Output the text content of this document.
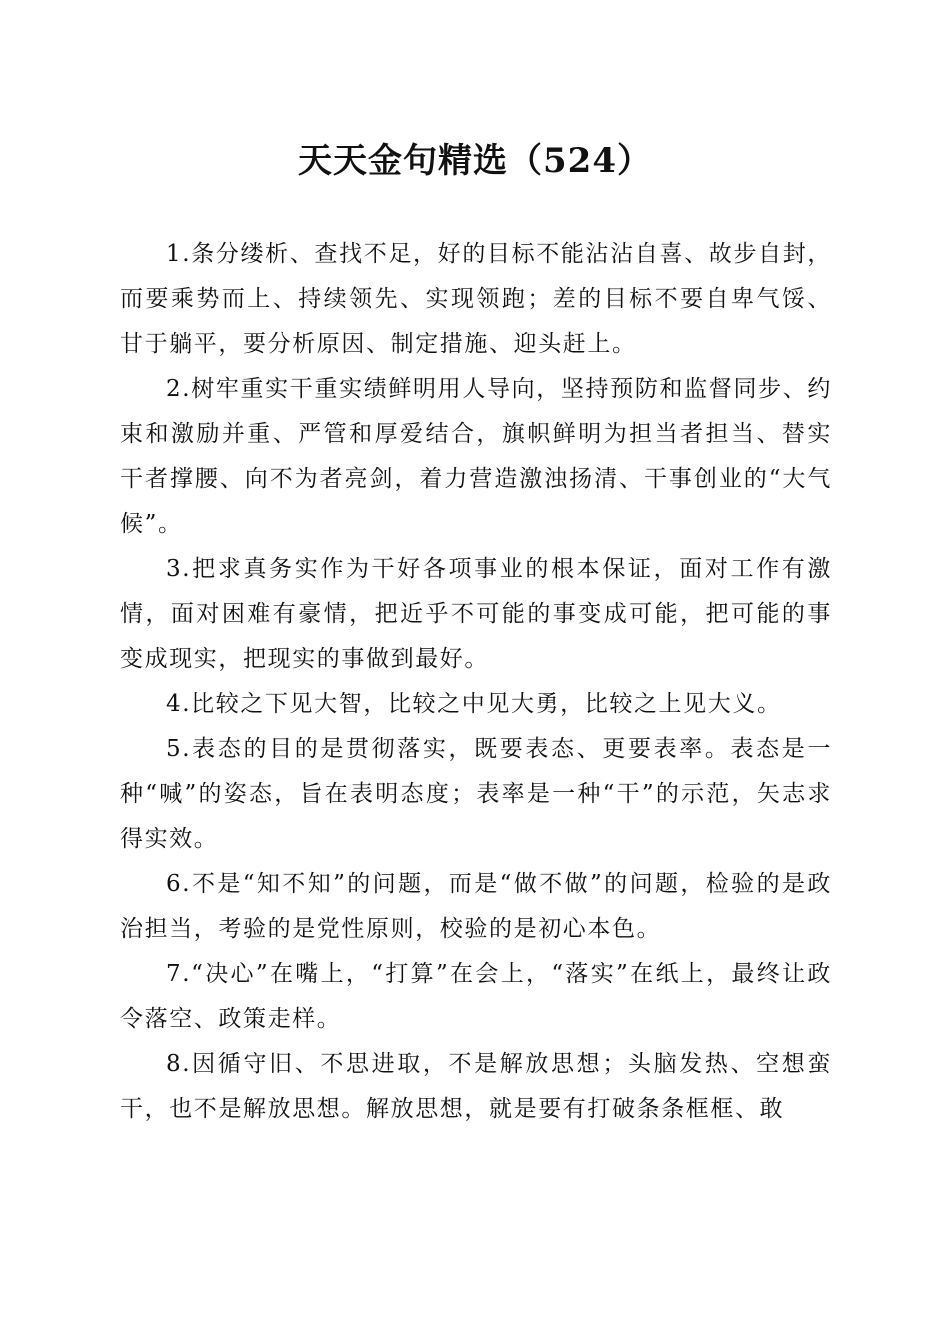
天天金句精选（524）

1.条分缕析、查找不足，好的目标不能沾沾自喜、故步自封，而要乘势而上、持续领先、实现领跑；差的目标不要自卑气馁、甘于躺平，要分析原因、制定措施、迎头赶上。

2.树牢重实干重实绩鲜明用人导向，坚持预防和监督同步、约束和激励并重、严管和厚爱结合，旗帜鲜明为担当者担当、替实干者撑腰、向不为者亮剑，着力营造激浊扬清、干事创业的“大气候”。

3.把求真务实作为干好各项事业的根本保证，面对工作有激情，面对困难有豪情，把近乎不可能的事变成可能，把可能的事变成现实，把现实的事做到最好。

4.比较之下见大智，比较之中见大勇，比较之上见大义。

5.表态的目的是贯彻落实，既要表态、更要表率。表态是一种“喊”的姿态，旨在表明态度；表率是一种“干”的示范，矢志求得实效。

6.不是“知不知”的问题，而是“做不做”的问题，检验的是政治担当，考验的是党性原则，校验的是初心本色。

7.“决心”在嘴上，“打算”在会上，“落实”在纸上，最终让政令落空、政策走样。

8.因循守旧、不思进取，不是解放思想；头脑发热、空想蛮干，也不是解放思想。解放思想，就是要有打破条条框框、敢
